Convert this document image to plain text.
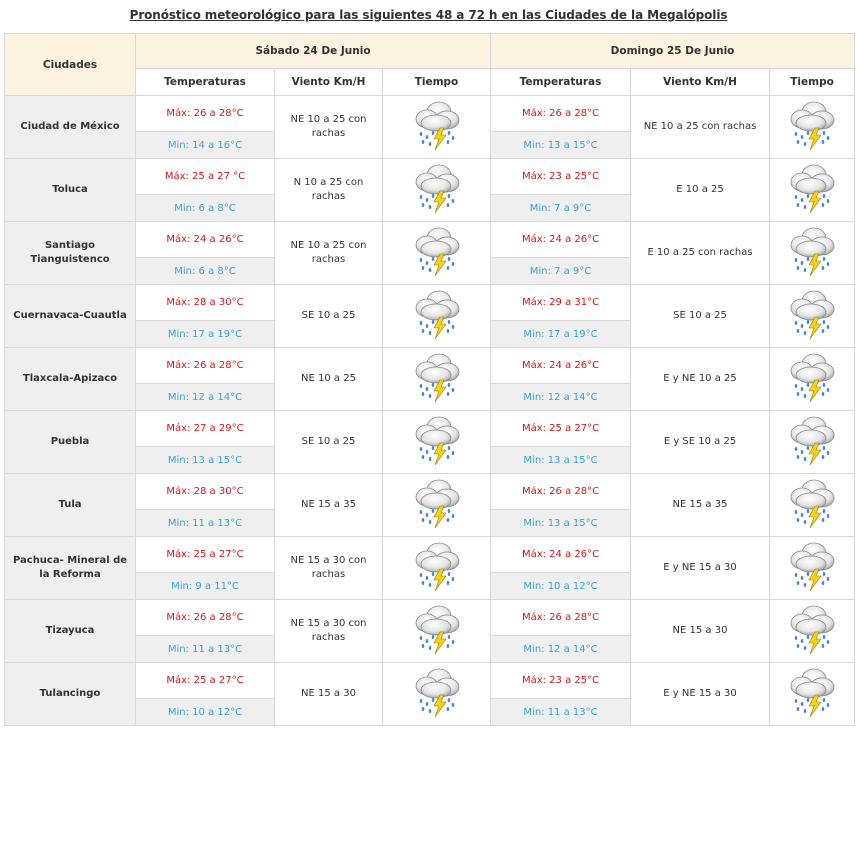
Pronóstico meteorológico para las siguientes 48 a 72 h en las Ciudades de la Megalópolis
Ciudades	Sábado 24 De Junio			Domingo 25 De Junio		
	Temperaturas	Viento Km/H	Tiempo	Temperaturas	Viento Km/H	Tiempo
Ciudad de México	Máx: 26 a 28°C	NE 10 a 25 con rachas		Máx: 26 a 28°C	NE 10 a 25 con rachas	
	Min: 14 a 16°C			Min: 13 a 15°C		
Toluca	Máx: 25 a 27 °C	N 10 a 25 con rachas		Máx: 23 a 25°C	E 10 a 25	
	Min: 6 a 8°C			Min: 7 a 9°C		
Santiago Tianguistenco	Máx: 24 a 26°C	NE 10 a 25 con rachas		Máx: 24 a 26°C	E 10 a 25 con rachas	
	Min: 6 a 8°C			Min: 7 a 9°C		
Cuernavaca-Cuautla	Máx: 28 a 30°C	SE 10 a 25		Máx: 29 a 31°C	SE 10 a 25	
	Min: 17 a 19°C			Min: 17 a 19°C		
Tlaxcala-Apizaco	Máx: 26 a 28°C	NE 10 a 25		Máx: 24 a 26°C	E y NE 10 a 25	
	Min: 12 a 14°C			Min: 12 a 14°C		
Puebla	Máx: 27 a 29°C	SE 10 a 25		Máx: 25 a 27°C	E y SE 10 a 25	
	Min: 13 a 15°C			Min: 13 a 15°C		
Tula	Máx: 28 a 30°C	NE 15 a 35		Máx: 26 a 28°C	NE 15 a 35	
	Min: 11 a 13°C			Min: 13 a 15°C		
Pachuca- Mineral de la Reforma	Máx: 25 a 27°C	NE 15 a 30 con rachas		Máx: 24 a 26°C	E y NE 15 a 30	
	Min: 9 a 11°C			Min: 10 a 12°C		
Tizayuca	Máx: 26 a 28°C	NE 15 a 30 con rachas		Máx: 26 a 28°C	NE 15 a 30	
	Min: 11 a 13°C			Min: 12 a 14°C		
Tulancingo	Máx: 25 a 27°C	NE 15 a 30		Máx: 23 a 25°C	E y NE 15 a 30	
	Min: 10 a 12°C			Min: 11 a 13°C		
